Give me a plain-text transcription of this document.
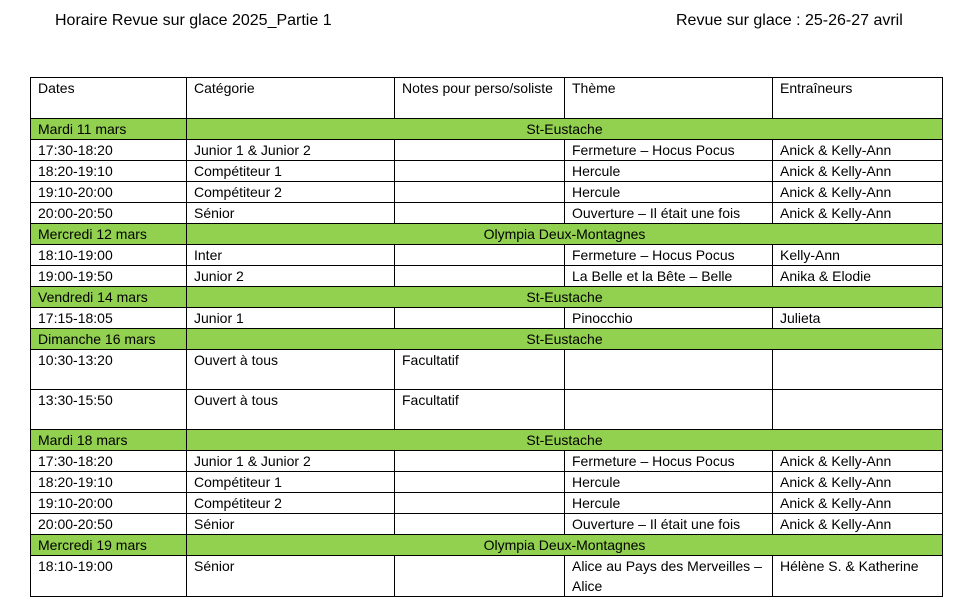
Horaire Revue sur glace 2025_Partie 1	Revue sur glace : 25-26-27 avril
Dates	Catégorie	Notes pour perso/soliste	Thème	Entraîneurs
Mardi 11 mars	St-Eustache			
17:30-18:20	Junior 1 & Junior 2		Fermeture – Hocus Pocus	Anick & Kelly-Ann
18:20-19:10	Compétiteur 1		Hercule	Anick & Kelly-Ann
19:10-20:00	Compétiteur 2		Hercule	Anick & Kelly-Ann
20:00-20:50	Sénior		Ouverture – Il était une fois	Anick & Kelly-Ann
Mercredi 12 mars	Olympia Deux-Montagnes			
18:10-19:00	Inter		Fermeture – Hocus Pocus	Kelly-Ann
19:00-19:50	Junior 2		La Belle et la Bête – Belle	Anika & Elodie
Vendredi 14 mars	St-Eustache			
17:15-18:05	Junior 1		Pinocchio	Julieta
Dimanche 16 mars	St-Eustache			
10:30-13:20	Ouvert à tous	Facultatif		
13:30-15:50	Ouvert à tous	Facultatif		
Mardi 18 mars	St-Eustache			
17:30-18:20	Junior 1 & Junior 2		Fermeture – Hocus Pocus	Anick & Kelly-Ann
18:20-19:10	Compétiteur 1		Hercule	Anick & Kelly-Ann
19:10-20:00	Compétiteur 2		Hercule	Anick & Kelly-Ann
20:00-20:50	Sénior		Ouverture – Il était une fois	Anick & Kelly-Ann
Mercredi 19 mars	Olympia Deux-Montagnes			
18:10-19:00	Sénior		Alice au Pays des Merveilles – Alice	Hélène S. & Katherine
